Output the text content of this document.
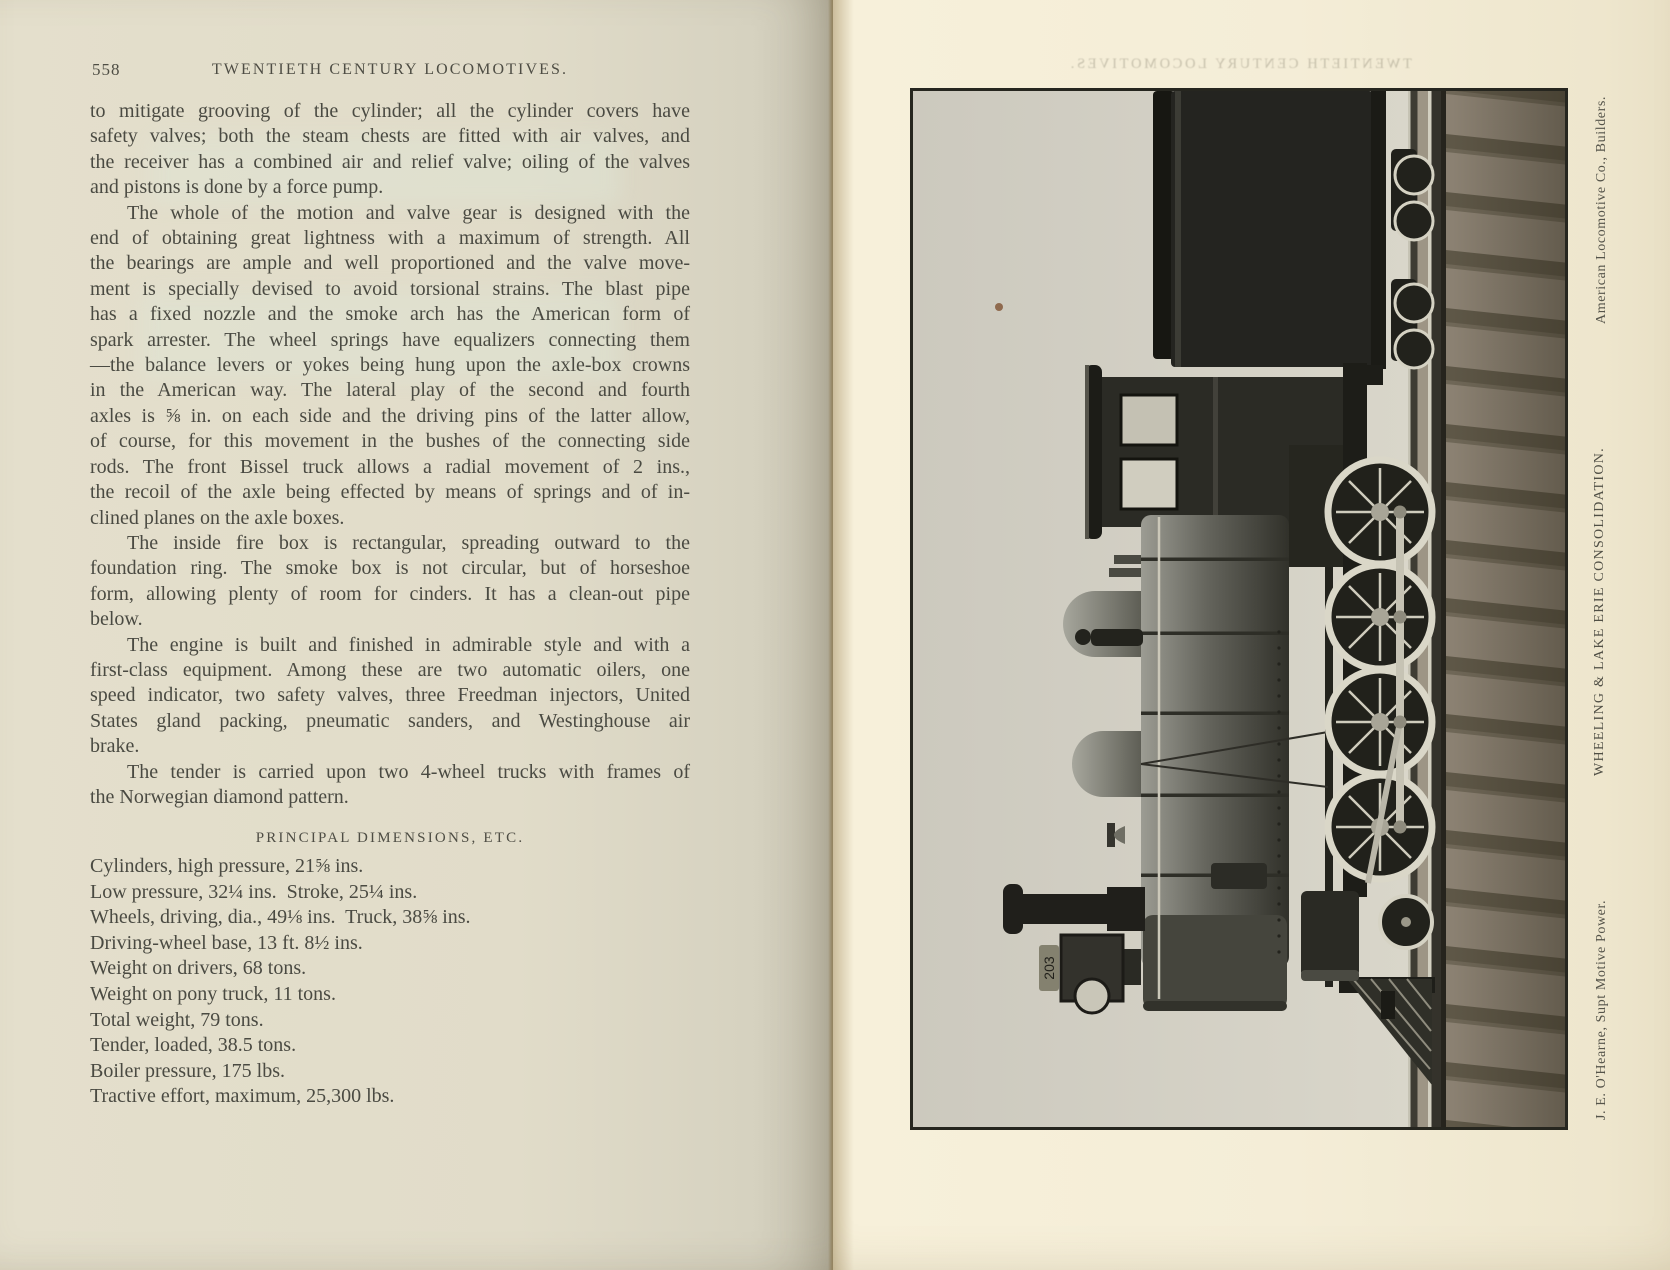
558	TWENTIETH CENTURY LOCOMOTIVES.
to mitigate grooving of the cylinder; all the cylinder covers have
safety valves; both the steam chests are fitted with air valves, and
the receiver has a combined air and relief valve; oiling of the valves
and pistons is done by a force pump.
The whole of the motion and valve gear is designed with the
end of obtaining great lightness with a maximum of strength. All
the bearings are ample and well proportioned and the valve move-
ment is specially devised to avoid torsional strains. The blast pipe
has a fixed nozzle and the smoke arch has the American form of
spark arrester. The wheel springs have equalizers connecting them
—the balance levers or yokes being hung upon the axle-box crowns
in the American way. The lateral play of the second and fourth
axles is ⅝ in. on each side and the driving pins of the latter allow,
of course, for this movement in the bushes of the connecting side
rods. The front Bissel truck allows a radial movement of 2 ins.,
the recoil of the axle being effected by means of springs and of in-
clined planes on the axle boxes.
The inside fire box is rectangular, spreading outward to the
foundation ring. The smoke box is not circular, but of horseshoe
form, allowing plenty of room for cinders. It has a clean-out pipe
below.
The engine is built and finished in admirable style and with a
first-class equipment. Among these are two automatic oilers, one
speed indicator, two safety valves, three Freedman injectors, United
States gland packing, pneumatic sanders, and Westinghouse air
brake.
The tender is carried upon two 4-wheel trucks with frames of
the Norwegian diamond pattern.
PRINCIPAL DIMENSIONS, ETC.
Cylinders, high pressure, 21⅝ ins.
Low pressure, 32¼ ins.  Stroke, 25¼ ins.
Wheels, driving, dia., 49⅛ ins.  Truck, 38⅝ ins.
Driving-wheel base, 13 ft. 8½ ins.
Weight on drivers, 68 tons.
Weight on pony truck, 11 tons.
Total weight, 79 tons.
Tender, loaded, 38.5 tons.
Boiler pressure, 175 lbs.
Tractive effort, maximum, 25,300 lbs.
TWENTIETH CENTURY LOCOMOTIVES.
203
American Locomotive Co., Builders.
WHEELING & LAKE ERIE CONSOLIDATION.
J. E. O'Hearne, Supt Motive Power.
